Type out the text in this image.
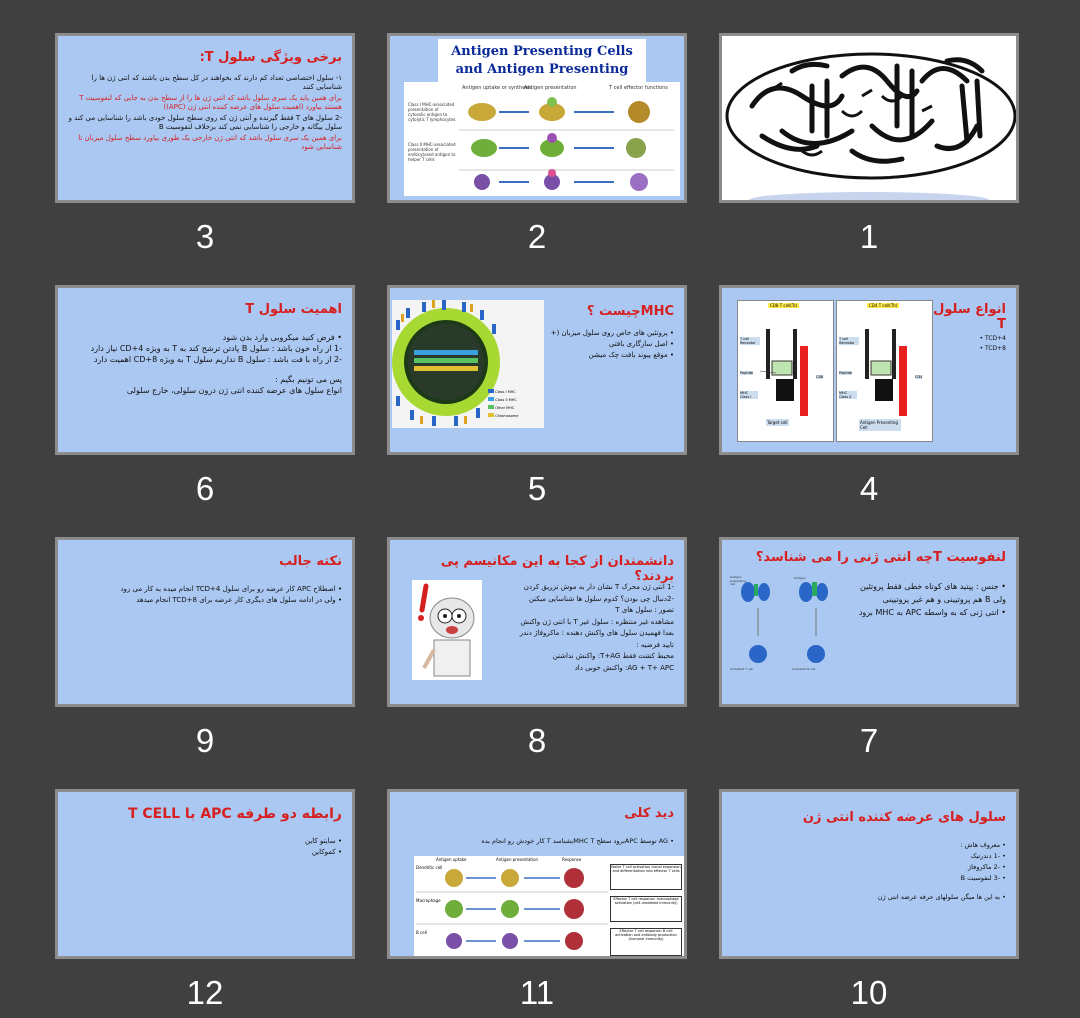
1
Antigen Presenting Cells and Antigen Presenting
Antigen uptake or synthesis
Antigen presentation	T cell effector functions
Class I MHC-associated presentation of cytosolic antigen to cytolytic T lymphocytes
Class II MHC-associated presentation of endocytosed antigen to helper T cells
2
برخی ویژگی سلول T:

۱- سلول اختصاصی تعداد کم دارند که بخواهند در کل سطح بدن باشند که انتی ژن ها را شناسایی کنند

برای همین باید یک سری سلول باشد که انتی ژن ها را از سطح بدن به جایی که لنفوسیت T هستند بیاورد (اهمیت سلول های عرضه کننده انتی ژن (APC))

-2 سلول های T فقط گیرنده و آنتی ژن که روی سطح سلول خودی باشد را شناسایی می کند و سلول بیگانه و خارجی را شناسایی نمی کند برخلاف لنفوسیت B

برای همین یک سری سلول باشد که انتی ژن خارجی یک طوری بیاورد سطح سلول میزبان تا شناسایی شود

3
انواع سلول T
TCD+4 •
TCD+8 •
CD8 T cell(Tc)
T cell Receptor
Peptide
MHC Class I
CD8
Target cell
CD4 T cell(Th)
T cell Receptor
Peptide
MHC Class II
CD4
Antigen Presenting Cell
4
MHCچیست ؟
• پروتئین های خاص روی سلول میزبان (+
• اصل سازگاری بافتی
• موقع پیوند بافت چک میشن
Class I MHC
Class II MHC
Other MHC
Chromosome
5
اهمیت سلول T
• فرض کنید میکروبی وارد بدن شود
-1 از راه خون باشد : سلول B پادتن ترشح کند به T به ویژه CD+4 نیاز دارد
-2 از راه با فت باشد : سلول B نداریم سلول T به ویژه CD+8 اهمیت دارد
پس می تونیم بگیم :
انواع سلول های عرضه کننده انتی ژن درون سلولی، خارج سلولی
6
لنفوسیت Tچه انتی ژنی را می شناسد؟
• جنس : پپتید های کوتاه خطی فقط پروتئین
ولی B هم پروتیینی و هم غیر پروتیینی
• انتی ژنی که به واسطه APC به MHC برود
Antigen presenting cell
Antigen
Activated T cell	Activated B cell
7
دانشمندان از کجا به این مکانیسم پی بردند؟
-1 انتی ژن محرک T نشان دار به موش تزریق کردن
-2دنبال چی بودن؟ کدوم سلول ها شناسایی میکنن
تصور : سلول های T
مشاهده غیر منتظره : سلول غیر T با انتی ژن واکنش
بعدا فهمیدن سلول های واکنش دهنده : ماکروفاژ دندر
تایید فرضیه :
محیط کشت فقط T+AG: واکنش نداشتن
AG + T+ APC: واکنش خوبی داد
8
نکته جالب
• اصطلاح APC کار عرضه رو برای سلول TCD+4 انجام میده به کار می رود
• ولی در ادامه سلول های دیگری کار عرضه برای TCD+8 انجام میدهد
9
سلول های عرضه کننده انتی ژن
• معروف هاش :
• -1 دندرتیک
• -2 ماکروفاژ
• -3 لنفوسیت B
• به این ها میگن سلولهای حرفه عرضه انتی ژن
10
دید کلی
• AG توسط APCبرود سطح MHC Tبشناسد T کار خودش رو انجام بده
Antigen uptake	Antigen presentation	Response
Dendritic cell
Macrophage
B cell
Naive T cell activation clonal expansion and differentiation into effector T cells
Effector T cell response: macrophage activation (cell-mediated immunity)
Effector T cell response: B cell activation and antibody production (humoral immunity)
11
رابطه دو طرفه APC با T CELL
• سایتو کاین
• کموکاین
12
